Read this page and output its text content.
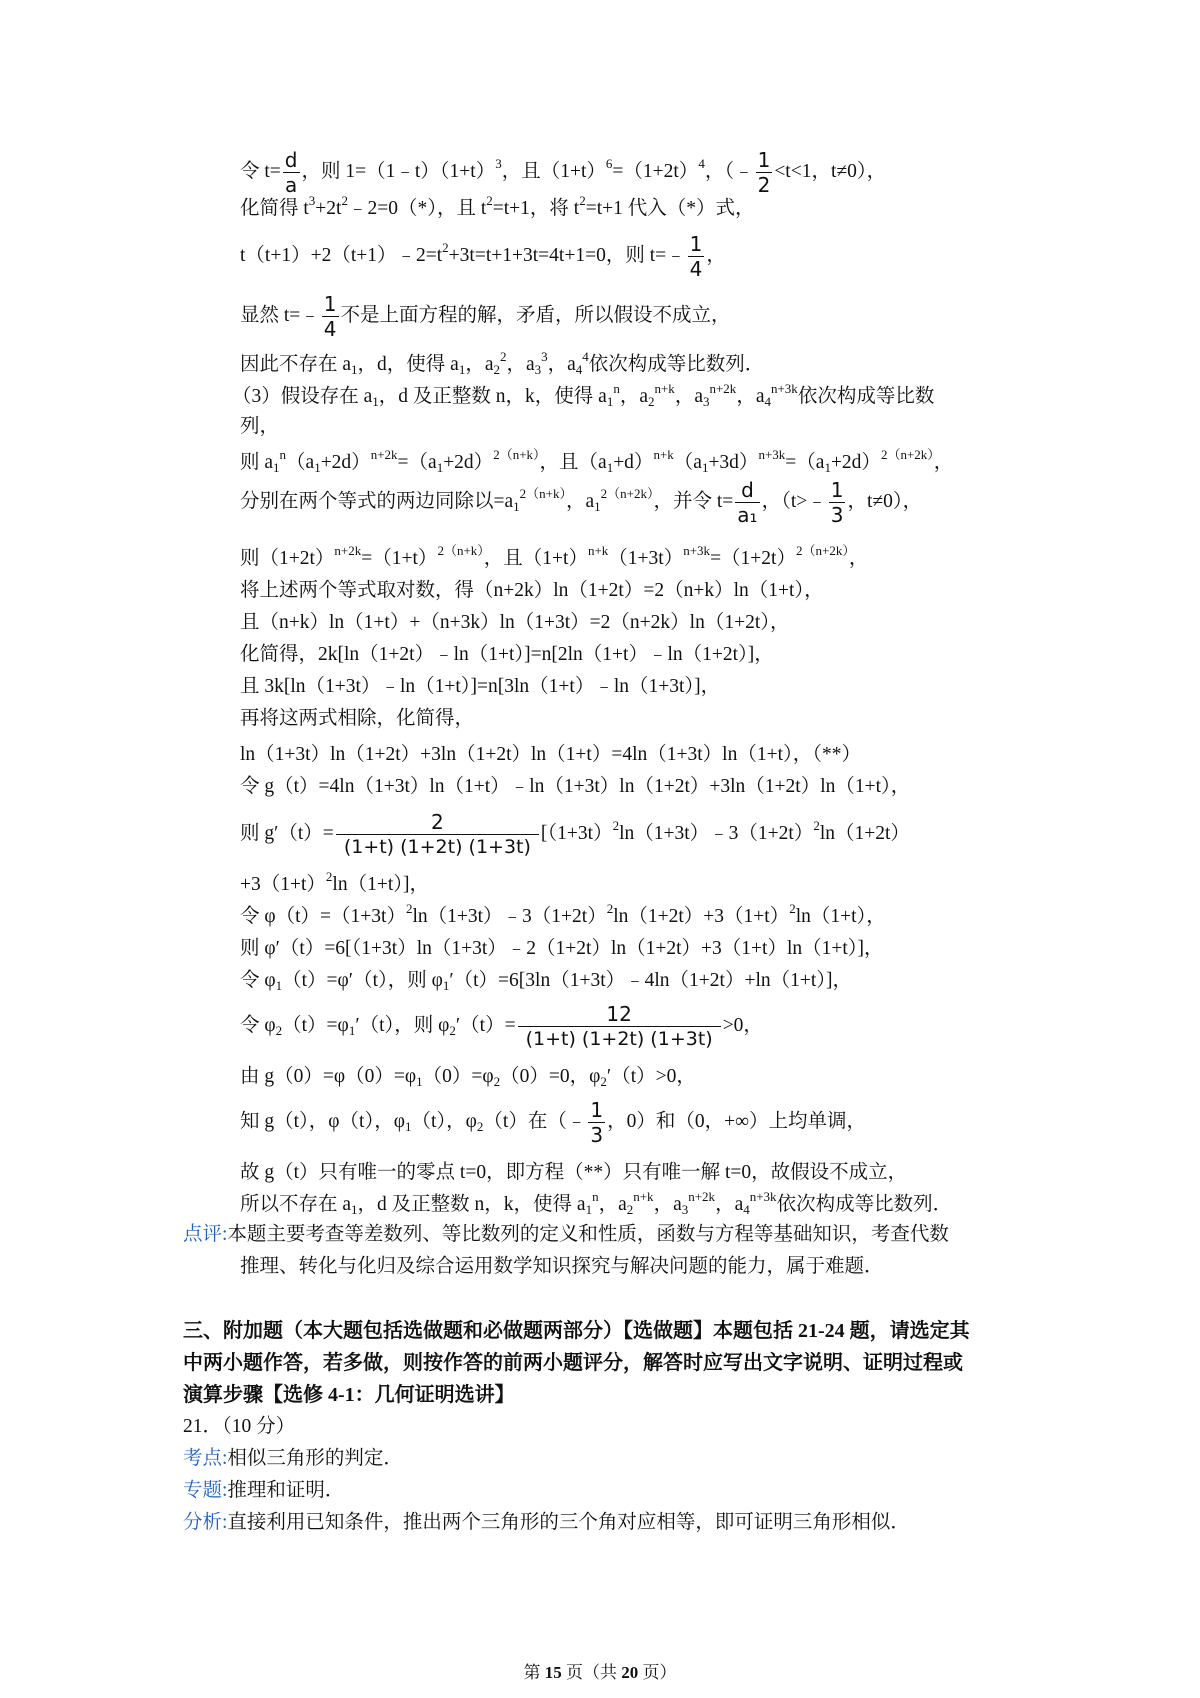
令 $t= \frac{d}{a}$ ，则 $1=(1﹣t)(1+t)^3$，且$(1+t)^6=(1+2t)^4$，（﹣ $\frac{1}{2} <t<1$，t≠0），
化简得 $t^3+2t^2﹣2=0(*)$，且 $t^2=t+1$，将 $t^2=t+1$ 代入（*）式，
$t(t+1)+2(t+1)﹣2=t^2+3t=t+1+3t=4t+1=0$，则 t=﹣ $\frac{1}{4}$ ，
显然 t=﹣ $\frac{1}{4}$ 不是上面方程的解，矛盾，所以假设不成立，
因此不存在 $a_1$，d，使得 $a_1$，$a_2^2$，$a_3^3$，$a_4^4$依次构成等比数列．
（3）假设存在 $a_1$，d 及正整数 n，k，使得 $a_1^n$，$a_2^{n+k}$，$a_3^{n+2k}$，$a_4^{n+3k}$依次构成等比数
列，
则 $a_1^n(a_1+2d)^{n+2k}=(a_1+2d)^{2(n+k)}$，且$(a_1+d)^{n+k}(a_1+3d)^{n+3k}=(a_1+2d)^{2(n+2k)}$，
分别在两个等式的两边同除以$=a_1^{2(n+k)}$，$a_1^{2(n+2k)}$，并令 $t= \frac{d}{\text{a₁}}$ ，（t>﹣ $\frac{1}{3}$ ，t≠0），
则$(1+2t)^{n+2k}=(1+t)^{2(n+k)}$，且$(1+t)^{n+k}(1+3t)^{n+3k}=(1+2t)^{2(n+2k)}$，
将上述两个等式取对数，得（n+2k）ln（1+2t）=2（n+k）ln（1+t），
且（n+k）ln（1+t）+（n+3k）ln（1+3t）=2（n+2k）ln（1+2t），
化简得，2k[ln（1+2t）﹣ln（1+t）]=n[2ln（1+t）﹣ln（1+2t）]，
且 3k[ln（1+3t）﹣ln（1+t）]=n[3ln（1+t）﹣ln（1+3t）]，
再将这两式相除，化简得，
ln（1+3t）ln（1+2t）+3ln（1+2t）ln（1+t）=4ln（1+3t）ln（1+t），（**）
令 g（t）=4ln（1+3t）ln（1+t）﹣ln（1+3t）ln（1+2t）+3ln（1+2t）ln（1+t），
则 $g'(t)= \frac{2}{(1+t) (1+2t) (1+3t)}$ [$(1+3t)^2\ln(1+3t)﹣3(1+2t)^2\ln(1+2t)$
$+3(1+t)^2\ln(1+t)$]，
令 $\varphi(t)=(1+3t)^2\ln(1+3t)﹣3(1+2t)^2\ln(1+2t)+3(1+t)^2\ln(1+t)$，
则 φ′（t）=6[（1+3t）ln（1+3t）﹣2（1+2t）ln（1+2t）+3（1+t）ln（1+t）]，
令 $\varphi_1(t)=\varphi'(t)$，则 $\varphi_1'(t)=6[3\ln(1+3t)﹣4\ln(1+2t)+\ln(1+t)]$，
令 $\varphi_2(t)=\varphi_1'(t)$，则 $\varphi_2'(t)= \frac{12}{(1+t) (1+2t) (1+3t)} >0$，
由 $g(0)=\varphi(0)=\varphi_1(0)=\varphi_2(0)=0$，$\varphi_2'(t)>0$，
知 g（t），φ（t），$\varphi_1(t)$，$\varphi_2(t)$在（﹣ $\frac{1}{3}$ ，0）和（0，+∞）上均单调，
故 g（t）只有唯一的零点 t=0，即方程（**）只有唯一解 t=0，故假设不成立，
所以不存在 $a_1$，d 及正整数 n，k，使得 $a_1^n$，$a_2^{n+k}$，$a_3^{n+2k}$，$a_4^{n+3k}$依次构成等比数列．
点评:本题主要考查等差数列、等比数列的定义和性质，函数与方程等基础知识，考查代数
推理、转化与化归及综合运用数学知识探究与解决问题的能力，属于难题．
三、附加题（本大题包括选做题和必做题两部分）【选做题】本题包括 21-24 题，请选定其
中两小题作答，若多做，则按作答的前两小题评分，解答时应写出文字说明、证明过程或
演算步骤【选修 4-1：几何证明选讲】
21．（10 分）
考点:相似三角形的判定．
专题:推理和证明．
分析:直接利用已知条件，推出两个三角形的三个角对应相等，即可证明三角形相似．
第 15 页（共 20 页）
